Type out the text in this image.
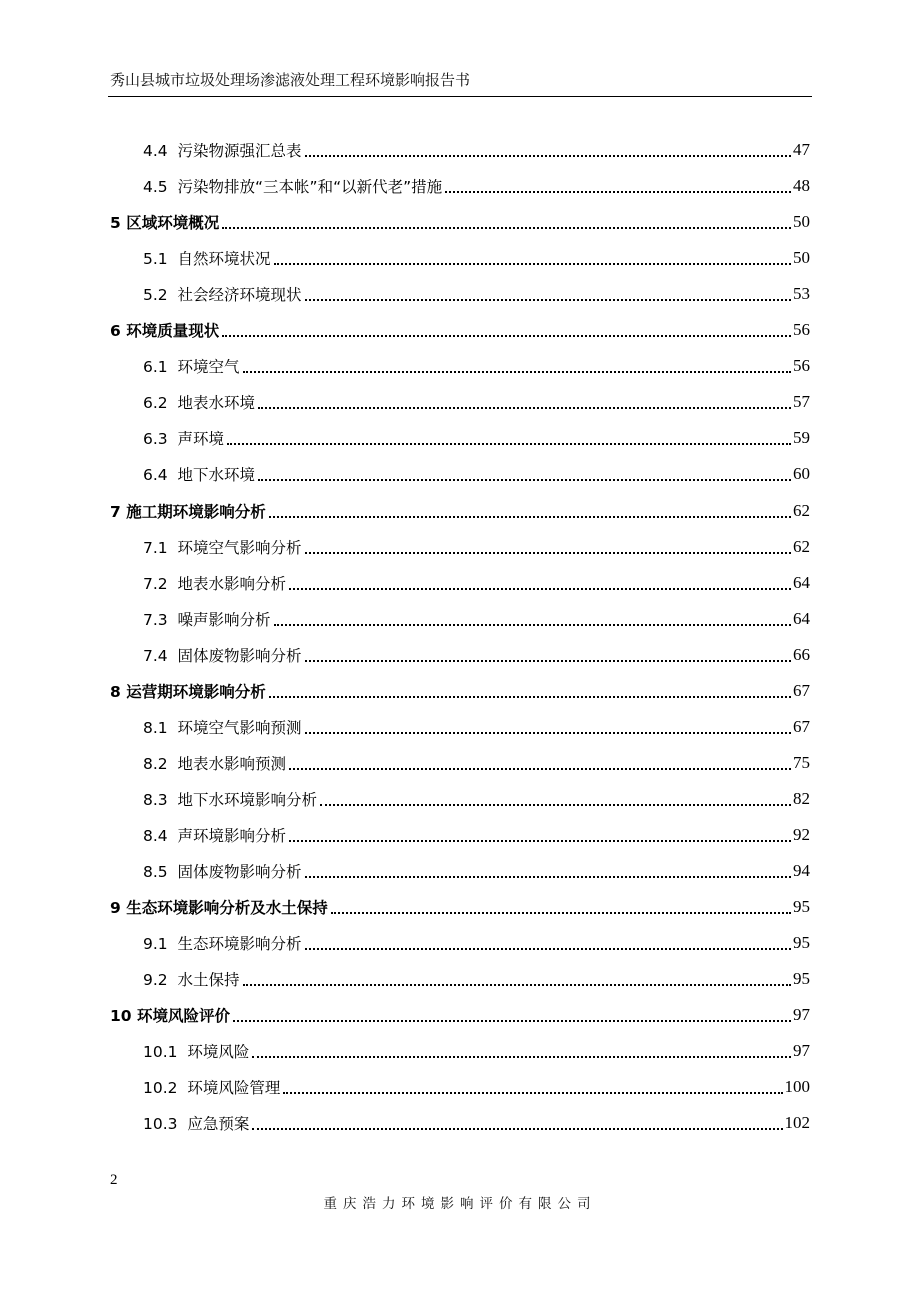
秀山县城市垃圾处理场渗滤液处理工程环境影响报告书
4.4 污染物源强汇总表	47
4.5 污染物排放“三本帐”和“以新代老”措施	48
5 区域环境概况	50
5.1 自然环境状况	50
5.2 社会经济环境现状	53
6 环境质量现状	56
6.1 环境空气	56
6.2 地表水环境	57
6.3 声环境	59
6.4 地下水环境	60
7 施工期环境影响分析	62
7.1 环境空气影响分析	62
7.2 地表水影响分析	64
7.3 噪声影响分析	64
7.4 固体废物影响分析	66
8 运营期环境影响分析	67
8.1 环境空气影响预测	67
8.2 地表水影响预测	75
8.3 地下水环境影响分析	82
8.4 声环境影响分析	92
8.5 固体废物影响分析	94
9 生态环境影响分析及水土保持	95
9.1 生态环境影响分析	95
9.2 水土保持	95
10 环境风险评价	97
10.1 环境风险	97
10.2 环境风险管理	100
10.3 应急预案	102
2
重庆浩力环境影响评价有限公司
